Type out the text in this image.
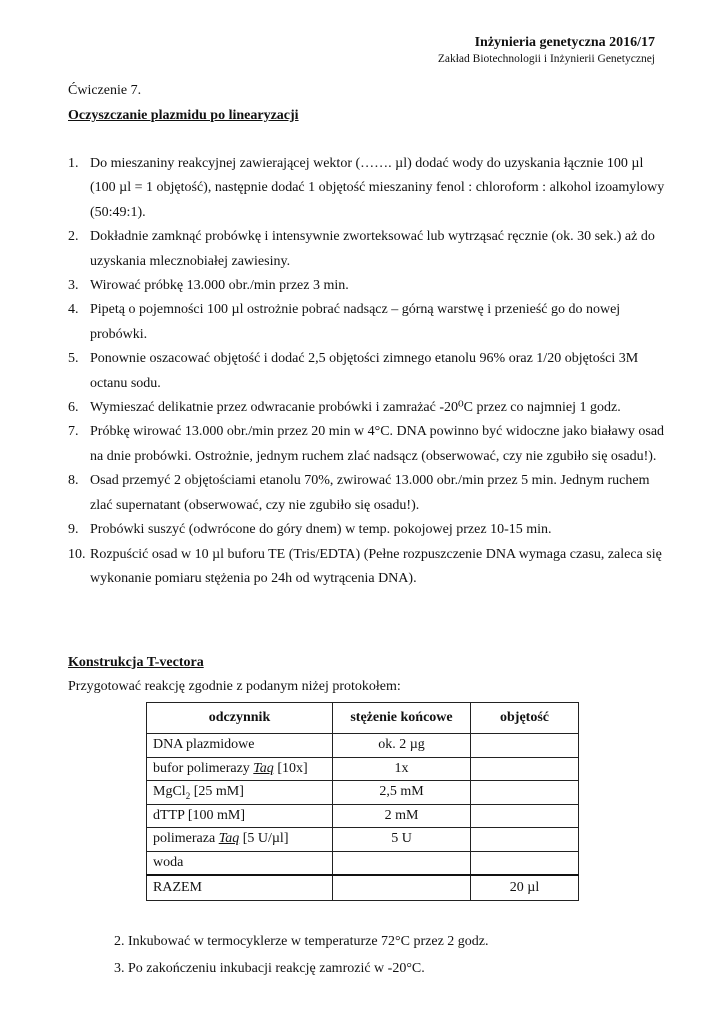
Inżynieria genetyczna 2016/17
Zakład Biotechnologii i Inżynierii Genetycznej
Ćwiczenie 7.
Oczyszczanie plazmidu po linearyzacji
1. Do mieszaniny reakcyjnej zawierającej wektor (……. µl) dodać wody do uzyskania łącznie 100 µl (100 µl = 1 objętość), następnie dodać 1 objętość mieszaniny fenol : chloroform : alkohol izoamylowy (50:49:1).
2. Dokładnie zamknąć probówkę i intensywnie zworteksować lub wytrząsać ręcznie (ok. 30 sek.) aż do uzyskania mlecznobiałej zawiesiny.
3. Wirować próbkę 13.000 obr./min przez 3 min.
4. Pipetą o pojemności 100 µl ostrożnie pobrać nadsącz – górną warstwę i przenieść go do nowej probówki.
5. Ponownie oszacować objętość i dodać 2,5 objętości zimnego etanolu 96% oraz 1/20 objętości 3M octanu sodu.
6. Wymieszać delikatnie przez odwracanie probówki i zamrażać -20⁰C przez co najmniej 1 godz.
7. Próbkę wirować 13.000 obr./min przez 20 min w 4°C. DNA powinno być widoczne jako białawy osad na dnie probówki. Ostrożnie, jednym ruchem zlać nadsącz (obserwować, czy nie zgubiło się osadu!).
8. Osad przemyć 2 objętościami etanolu 70%, zwirować 13.000 obr./min przez 5 min. Jednym ruchem zlać supernatant (obserwować, czy nie zgubiło się osadu!).
9. Probówki suszyć (odwrócone do góry dnem) w temp. pokojowej przez 10-15 min.
10. Rozpuścić osad w 10 µl buforu TE (Tris/EDTA) (Pełne rozpuszczenie DNA wymaga czasu, zaleca się wykonanie pomiaru stężenia po 24h od wytrącenia DNA).
Konstrukcja T-vectora
Przygotować reakcję zgodnie z podanym niżej protokołem:
odczynnik	stężenie końcowe	objętość
DNA plazmidowe	ok. 2 µg	
bufor polimerazy Taq [10x]	1x	
MgCl$_2$ [25 mM]	2,5 mM	
dTTP [100 mM]	2 mM	
polimeraza Taq [5 U/µl]	5 U	
woda		
RAZEM		20 µl
2. Inkubować w termocyklerze w temperaturze 72°C przez 2 godz.
3. Po zakończeniu inkubacji reakcję zamrozić w -20°C.
